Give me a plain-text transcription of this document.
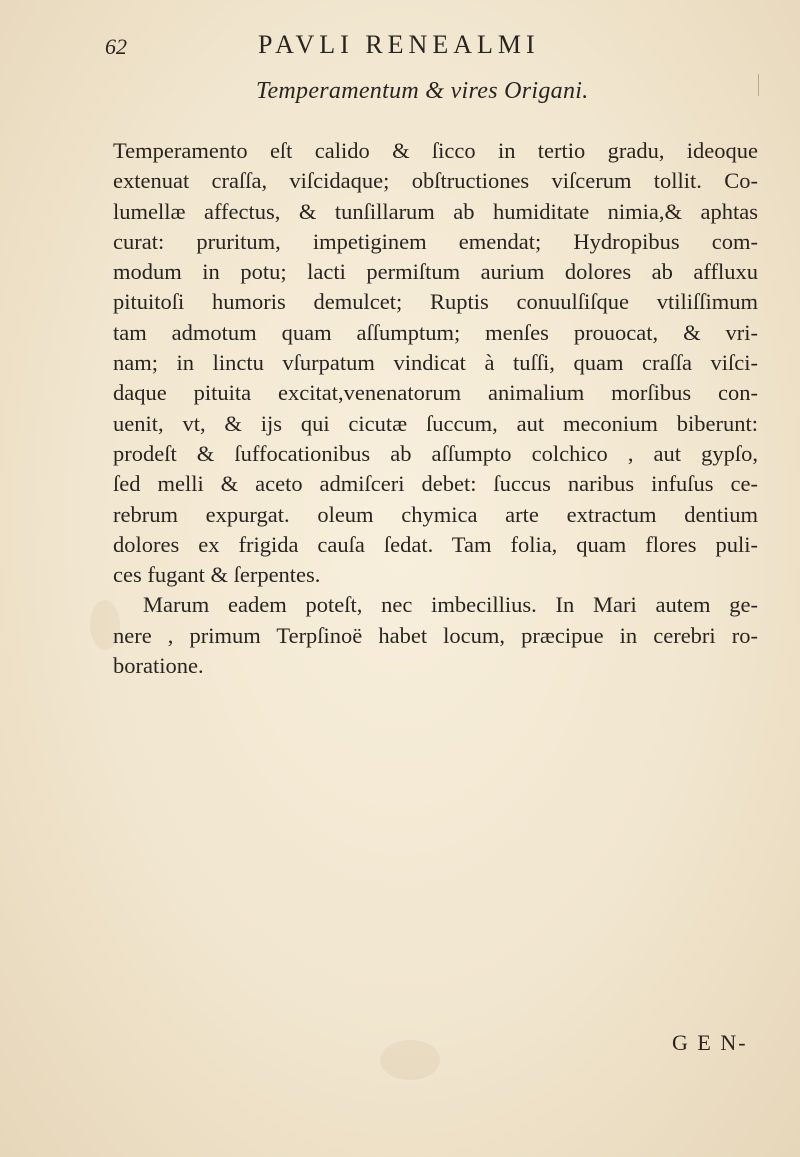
62	PAVLI RENEALMI
Temperamentum & vires Origani.
Temperamento eſt calido & ſicco in tertio gradu, ideoque
extenuat craſſa, viſcidaque; obſtructiones viſcerum tollit. Co-
lumellæ affectus, & tunſillarum ab humiditate nimia,& aphtas
curat: pruritum, impetiginem emendat; Hydropibus com-
modum in potu; lacti permiſtum aurium dolores ab affluxu
pituitoſi humoris demulcet; Ruptis conuulſiſque vtiliſſimum
tam admotum quam aſſumptum; menſes prouocat, & vri-
nam; in linctu vſurpatum vindicat à tuſſi, quam craſſa viſci-
daque pituita excitat,venenatorum animalium morſibus con-
uenit, vt, & ijs qui cicutæ ſuccum, aut meconium biberunt:
prodeſt & ſuffocationibus ab aſſumpto colchico , aut gypſo,
ſed melli & aceto admiſceri debet: ſuccus naribus infuſus ce-
rebrum expurgat. oleum chymica arte extractum dentium
dolores ex frigida cauſa ſedat. Tam folia, quam flores puli-
ces fugant & ſerpentes.
Marum eadem poteſt, nec imbecillius. In Mari autem ge-
nere , primum Terpſinoë habet locum, præcipue in cerebri ro-
boratione.
G E N-
